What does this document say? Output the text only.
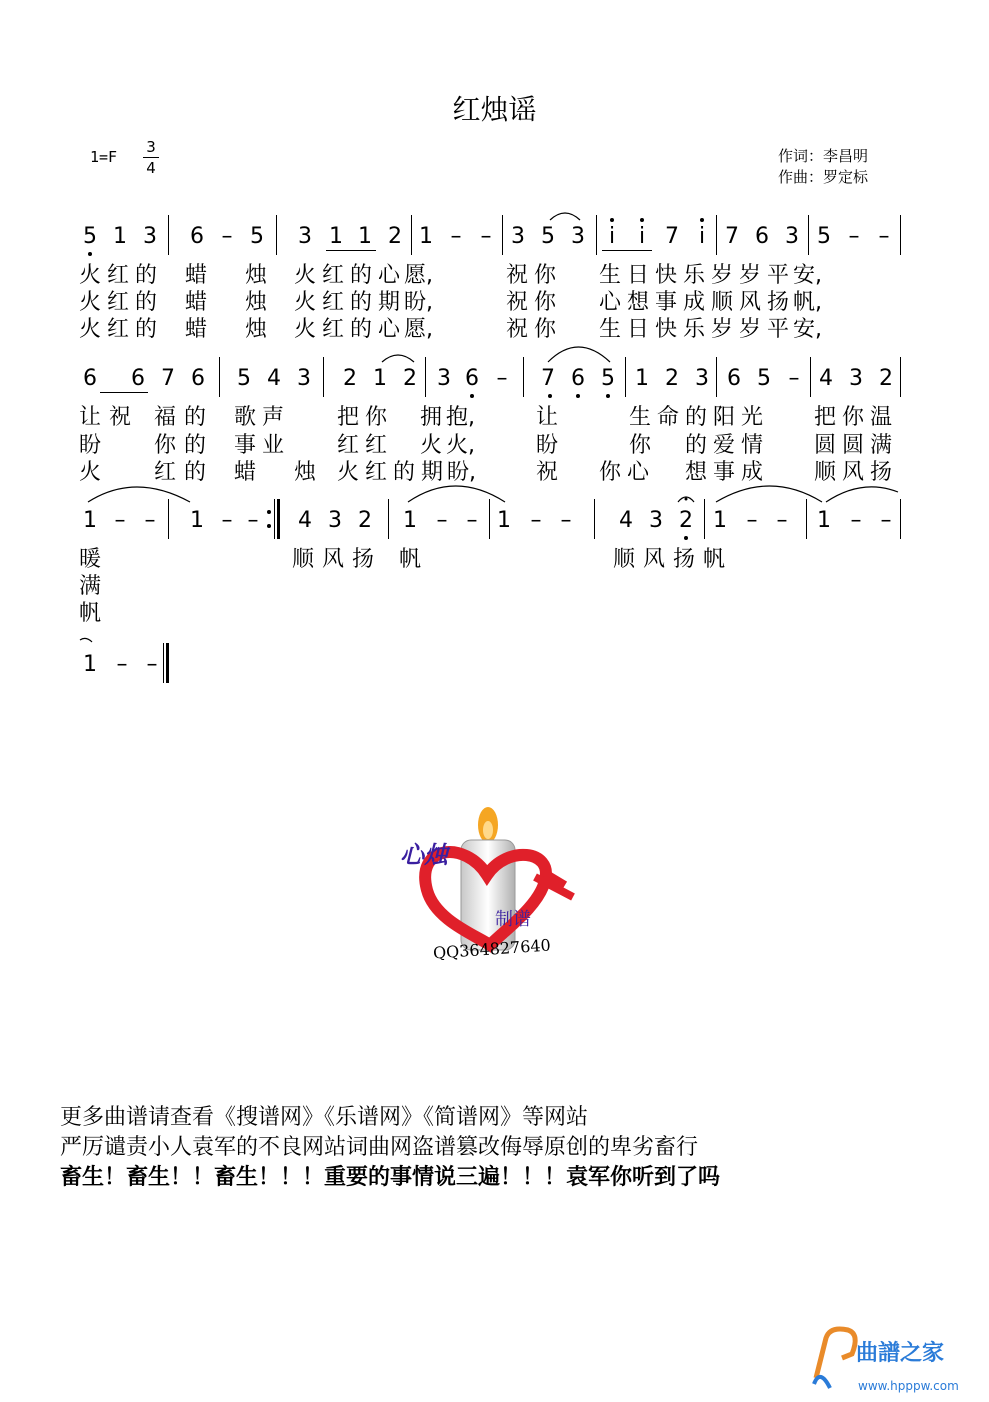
红烛谣
$1=F \frac{3}{4}$	作词：李昌明
作曲：罗定标
5 1 3 6 – 5 3 1 1 2 1 – – 3 5 3	i	i 7 i 7 6 3 5 – –
火 红 的 蜡 烛 火 红 的 心 愿,	祝 你 生 日 快 乐 岁 岁 平 安,
火 红 的 蜡 烛 火 红 的 期 盼,	祝 你 心 想 事 成 顺 风 扬 帆,
火 红 的 蜡 烛 火 红 的 心 愿,	祝 你 生 日 快 乐 岁 岁 平 安,
6 6 7 6 5 4 3 2 1 2 3 6 – 7 6 5 1 2 3 6 5 – 4 3 2
让 祝 福 的 歌 声 把 你 拥 抱,	让	生 命 的 阳 光 把 你 温
盼 你 的 事 业 红 红 火 火,	盼	你 的 爱 情 圆 圆 满
火 红 的 蜡 烛 火 红 的 期 盼,	祝 你 心 想 事 成 顺 风 扬
1 – – 1 – – 4 3 2 1 – – 1 – – 4 3 2 1 – – 1 – –
暖	顺 风 扬 帆	顺 风 扬 帆
满
帆
1 – –
心烛
制谱
QQ364827640
更多曲谱请查看《搜谱网》《乐谱网》《简谱网》等网站
严厉谴责小人袁军的不良网站词曲网盗谱篡改侮辱原创的卑劣畜行
畜生！畜生！！畜生！！！重要的事情说三遍！！！袁军你听到了吗
曲譜之家
www.hpppw.com
